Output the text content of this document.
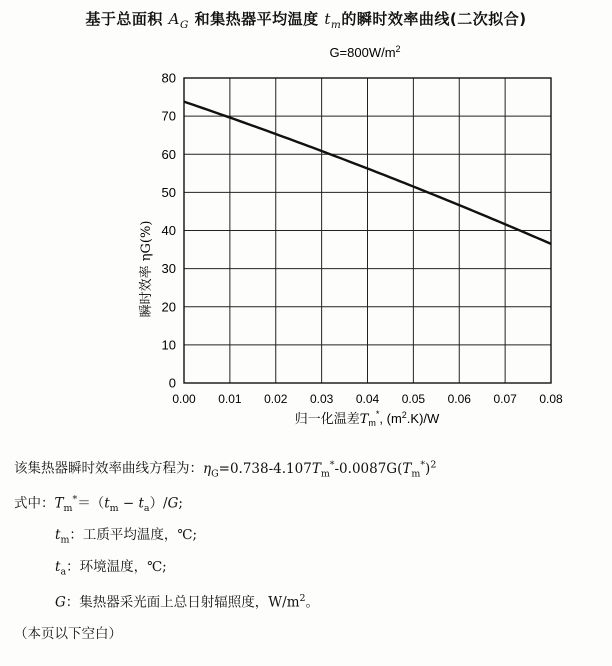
基于总面积 $A_G$ 和集热器平均温度 $t_m$的瞬时效率曲线(二次拟合)
$G=800W/m^2$
0
10
20
30
40
50
60
70
80
0.00 0.01 0.02 0.03 0.04 0.05 0.06 0.07 0.08
瞬时效率 ηG(%)
归一化温差$T_m^*$, $(m^2.K)/W$
该集热器瞬时效率曲线方程为：$\eta_G=0.738-4.107T_m^*-0.0087G(T_m^*)^2$
式中：$T_m^*=(t_m - t_a)/G$;
$t_m$：工质平均温度，℃;
$t_a$：环境温度，℃;
G：集热器采光面上总日射辐照度，$W/m^2$。
（本页以下空白）
